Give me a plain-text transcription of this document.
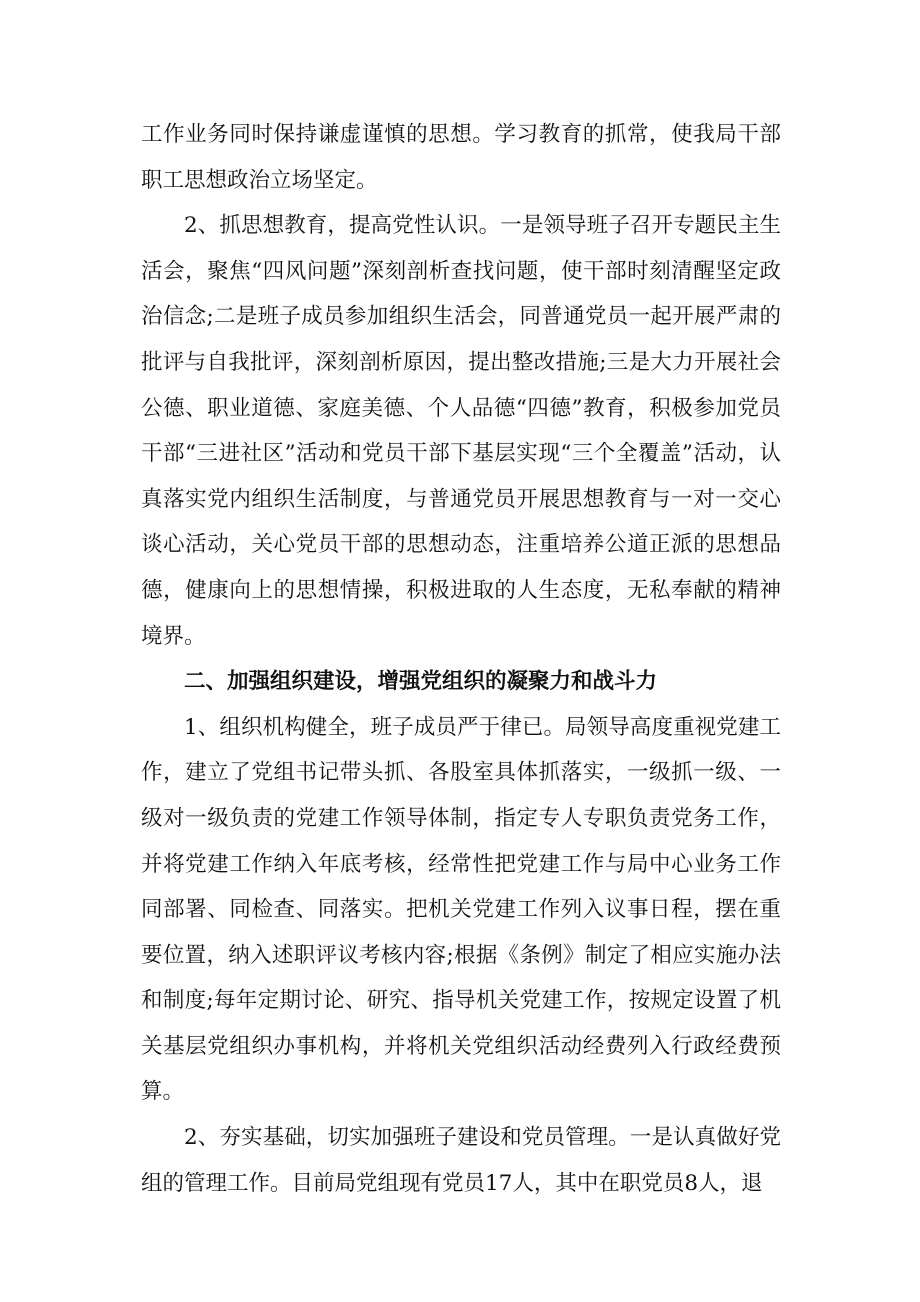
工作业务同时保持谦虚谨慎的思想。学习教育的抓常，使我局干部职工思想政治立场坚定。

2、抓思想教育，提高党性认识。一是领导班子召开专题民主生活会，聚焦“四风问题”深刻剖析查找问题，使干部时刻清醒坚定政治信念;二是班子成员参加组织生活会，同普通党员一起开展严肃的批评与自我批评，深刻剖析原因，提出整改措施;三是大力开展社会公德、职业道德、家庭美德、个人品德“四德”教育，积极参加党员干部“三进社区”活动和党员干部下基层实现“三个全覆盖”活动，认真落实党内组织生活制度，与普通党员开展思想教育与一对一交心谈心活动，关心党员干部的思想动态，注重培养公道正派的思想品德，健康向上的思想情操，积极进取的人生态度，无私奉献的精神境界。

二、加强组织建设，增强党组织的凝聚力和战斗力

1、组织机构健全，班子成员严于律已。局领导高度重视党建工作，建立了党组书记带头抓、各股室具体抓落实，一级抓一级、一级对一级负责的党建工作领导体制，指定专人专职负责党务工作，并将党建工作纳入年底考核，经常性把党建工作与局中心业务工作同部署、同检查、同落实。把机关党建工作列入议事日程，摆在重要位置，纳入述职评议考核内容;根据《条例》制定了相应实施办法和制度;每年定期讨论、研究、指导机关党建工作，按规定设置了机关基层党组织办事机构，并将机关党组织活动经费列入行政经费预算。

2、夯实基础，切实加强班子建设和党员管理。一是认真做好党组的管理工作。目前局党组现有党员17人，其中在职党员8人，退
